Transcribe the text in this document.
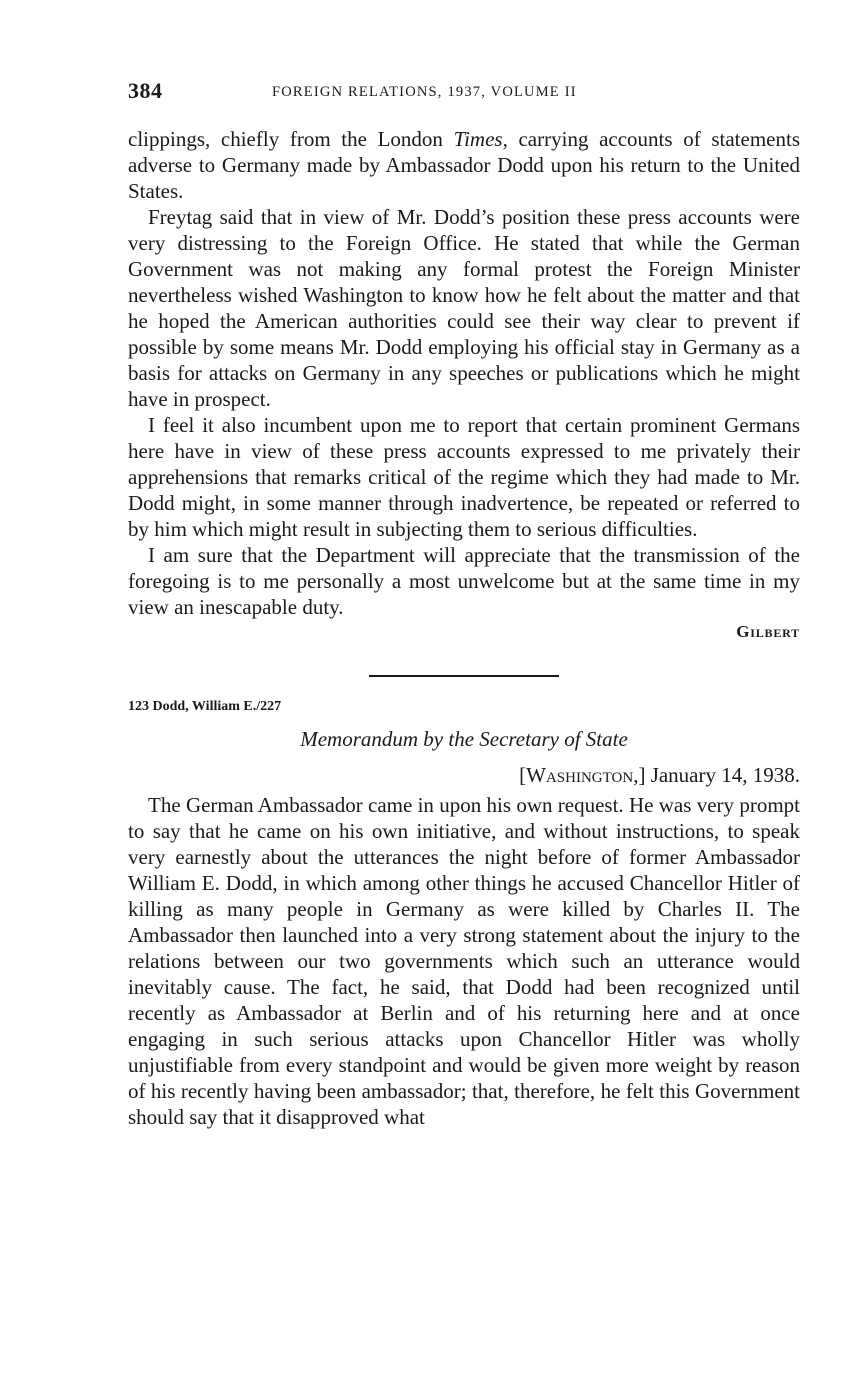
384	FOREIGN RELATIONS, 1937, VOLUME II

clippings, chiefly from the London Times, carrying accounts of statements adverse to Germany made by Ambassador Dodd upon his return to the United States.

Freytag said that in view of Mr. Dodd’s position these press accounts were very distressing to the Foreign Office. He stated that while the German Government was not making any formal protest the Foreign Minister nevertheless wished Washington to know how he felt about the matter and that he hoped the American authorities could see their way clear to prevent if possible by some means Mr. Dodd employing his official stay in Germany as a basis for attacks on Germany in any speeches or publications which he might have in prospect.

I feel it also incumbent upon me to report that certain prominent Germans here have in view of these press accounts expressed to me privately their apprehensions that remarks critical of the regime which they had made to Mr. Dodd might, in some manner through inadvertence, be repeated or referred to by him which might result in subjecting them to serious difficulties.

I am sure that the Department will appreciate that the transmission of the foregoing is to me personally a most unwelcome but at the same time in my view an inescapable duty.

Gilbert
123 Dodd, William E./227
Memorandum by the Secretary of State
[Washington,] January 14, 1938.

The German Ambassador came in upon his own request. He was very prompt to say that he came on his own initiative, and without instructions, to speak very earnestly about the utterances the night before of former Ambassador William E. Dodd, in which among other things he accused Chancellor Hitler of killing as many people in Germany as were killed by Charles II. The Ambassador then launched into a very strong statement about the injury to the relations between our two governments which such an utterance would inevitably cause. The fact, he said, that Dodd had been recognized until recently as Ambassador at Berlin and of his returning here and at once engaging in such serious attacks upon Chancellor Hitler was wholly unjustifiable from every standpoint and would be given more weight by reason of his recently having been ambassador; that, therefore, he felt this Government should say that it disapproved what
